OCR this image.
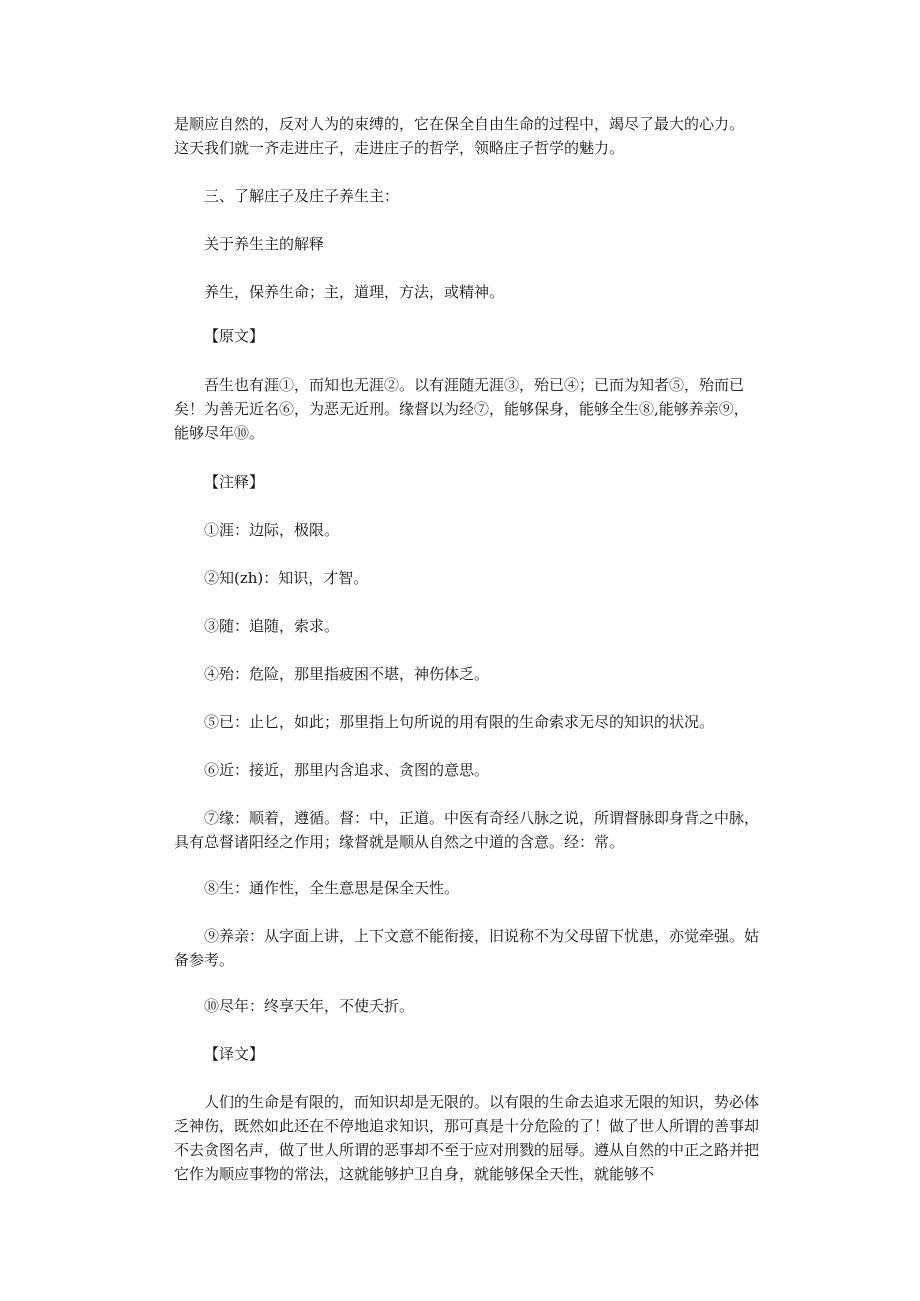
是顺应自然的，反对人为的束缚的，它在保全自由生命的过程中，竭尽了最大的心力。

这天我们就一齐走进庄子，走进庄子的哲学，领略庄子哲学的魅力。

三、了解庄子及庄子养生主：

关于养生主的解释

养生，保养生命；主，道理，方法，或精神。

【原文】

吾生也有涯①，而知也无涯②。以有涯随无涯③，殆已④；已而为知者⑤，殆而已矣！为善无近名⑥，为恶无近刑。缘督以为经⑦，能够保身，能够全生⑧,能够养亲⑨，能够尽年⑩。

【注释】

①涯：边际，极限。

②知(zh)：知识，才智。

③随：追随，索求。

④殆：危险，那里指疲困不堪，神伤体乏。

⑤已：止匕，如此；那里指上句所说的用有限的生命索求无尽的知识的状况。

⑥近：接近，那里内含追求、贪图的意思。

⑦缘：顺着，遵循。督：中，正道。中医有奇经八脉之说，所谓督脉即身背之中脉，具有总督诸阳经之作用；缘督就是顺从自然之中道的含意。经：常。

⑧生：通作性，全生意思是保全天性。

⑨养亲：从字面上讲，上下文意不能衔接，旧说称不为父母留下忧患，亦觉牵强。姑备参考。

⑩尽年：终享天年，不使夭折。

【译文】

人们的生命是有限的，而知识却是无限的。以有限的生命去追求无限的知识，势必体乏神伤，既然如此还在不停地追求知识，那可真是十分危险的了！做了世人所谓的善事却不去贪图名声，做了世人所谓的恶事却不至于应对刑戮的屈辱。遵从自然的中正之路并把它作为顺应事物的常法，这就能够护卫自身，就能够保全天性，就能够不
